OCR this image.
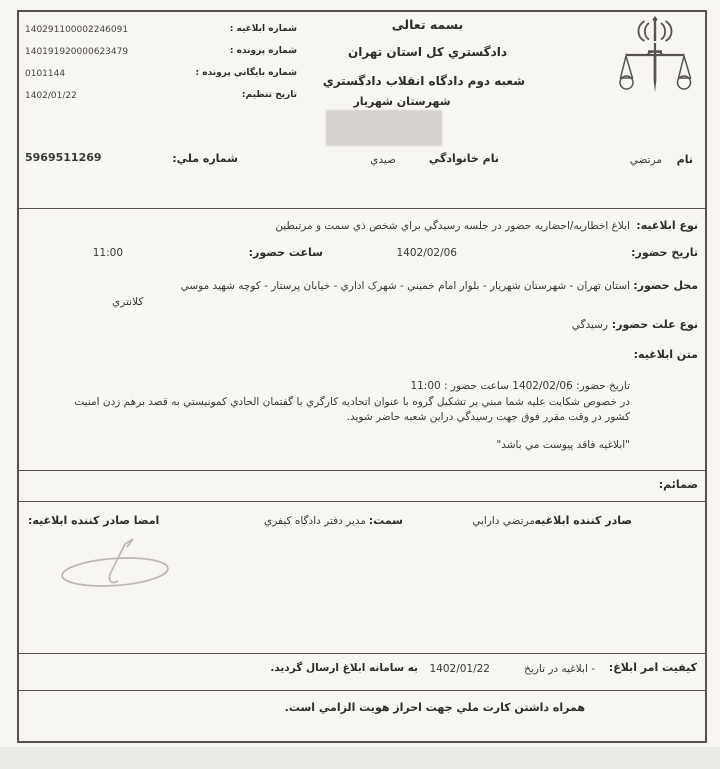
شماره ابلاغيه :
140291100002246091
شماره پرونده :
140191920000623479
شماره بايگاني پرونده :
0101144
تاريخ تنظيم:
1402/01/22
بسمه تعالی
دادگستري کل استان تهران
شعبه دوم دادگاه انقلاب دادگستري
شهرستان شهريار
نام
مرتضي
نام خانوادگي
صيدي
شماره ملي:
5969511269
نوع ابلاغيه:
ابلاغ اخطاريه/احضاريه حضور در جلسه رسيدگي براي شخص ذي سمت و مرتبطين
تاريخ حضور:
1402/02/06
ساعت حضور:
11:00
محل حضور:
استان تهران - شهرستان شهريار - بلوار امام خميني - شهرک اداري - خيابان پرستار - کوچه شهيد موسي
کلانتري
نوع علت حضور:
رسيدگي
متن ابلاغيه:
تاريخ حضور: 1402/02/06 ساعت حضور : 11:00
در خصوص شکايت عليه شما مبني بر تشکيل گروه با عنوان اتحاديه کارگري با گفتمان الحادي کمونيستي به قصد برهم زدن امنيت کشور در وقت مقرر فوق جهت رسيدگي دراين شعبه حاضر شويد.
"ابلاغيه فاقد پيوست مي باشد"
ضمائم:
صادر کننده ابلاغيه
مرتضي دارابي
سمت:
مدير دفتر دادگاه کيفري
امضا صادر کننده ابلاغيه:
کيفيت امر ابلاغ:
- ابلاغيه در تاريخ
1402/01/22
به سامانه ابلاغ ارسال گرديد.
همراه داشتن کارت ملي جهت احراز هويت الزامي است.
